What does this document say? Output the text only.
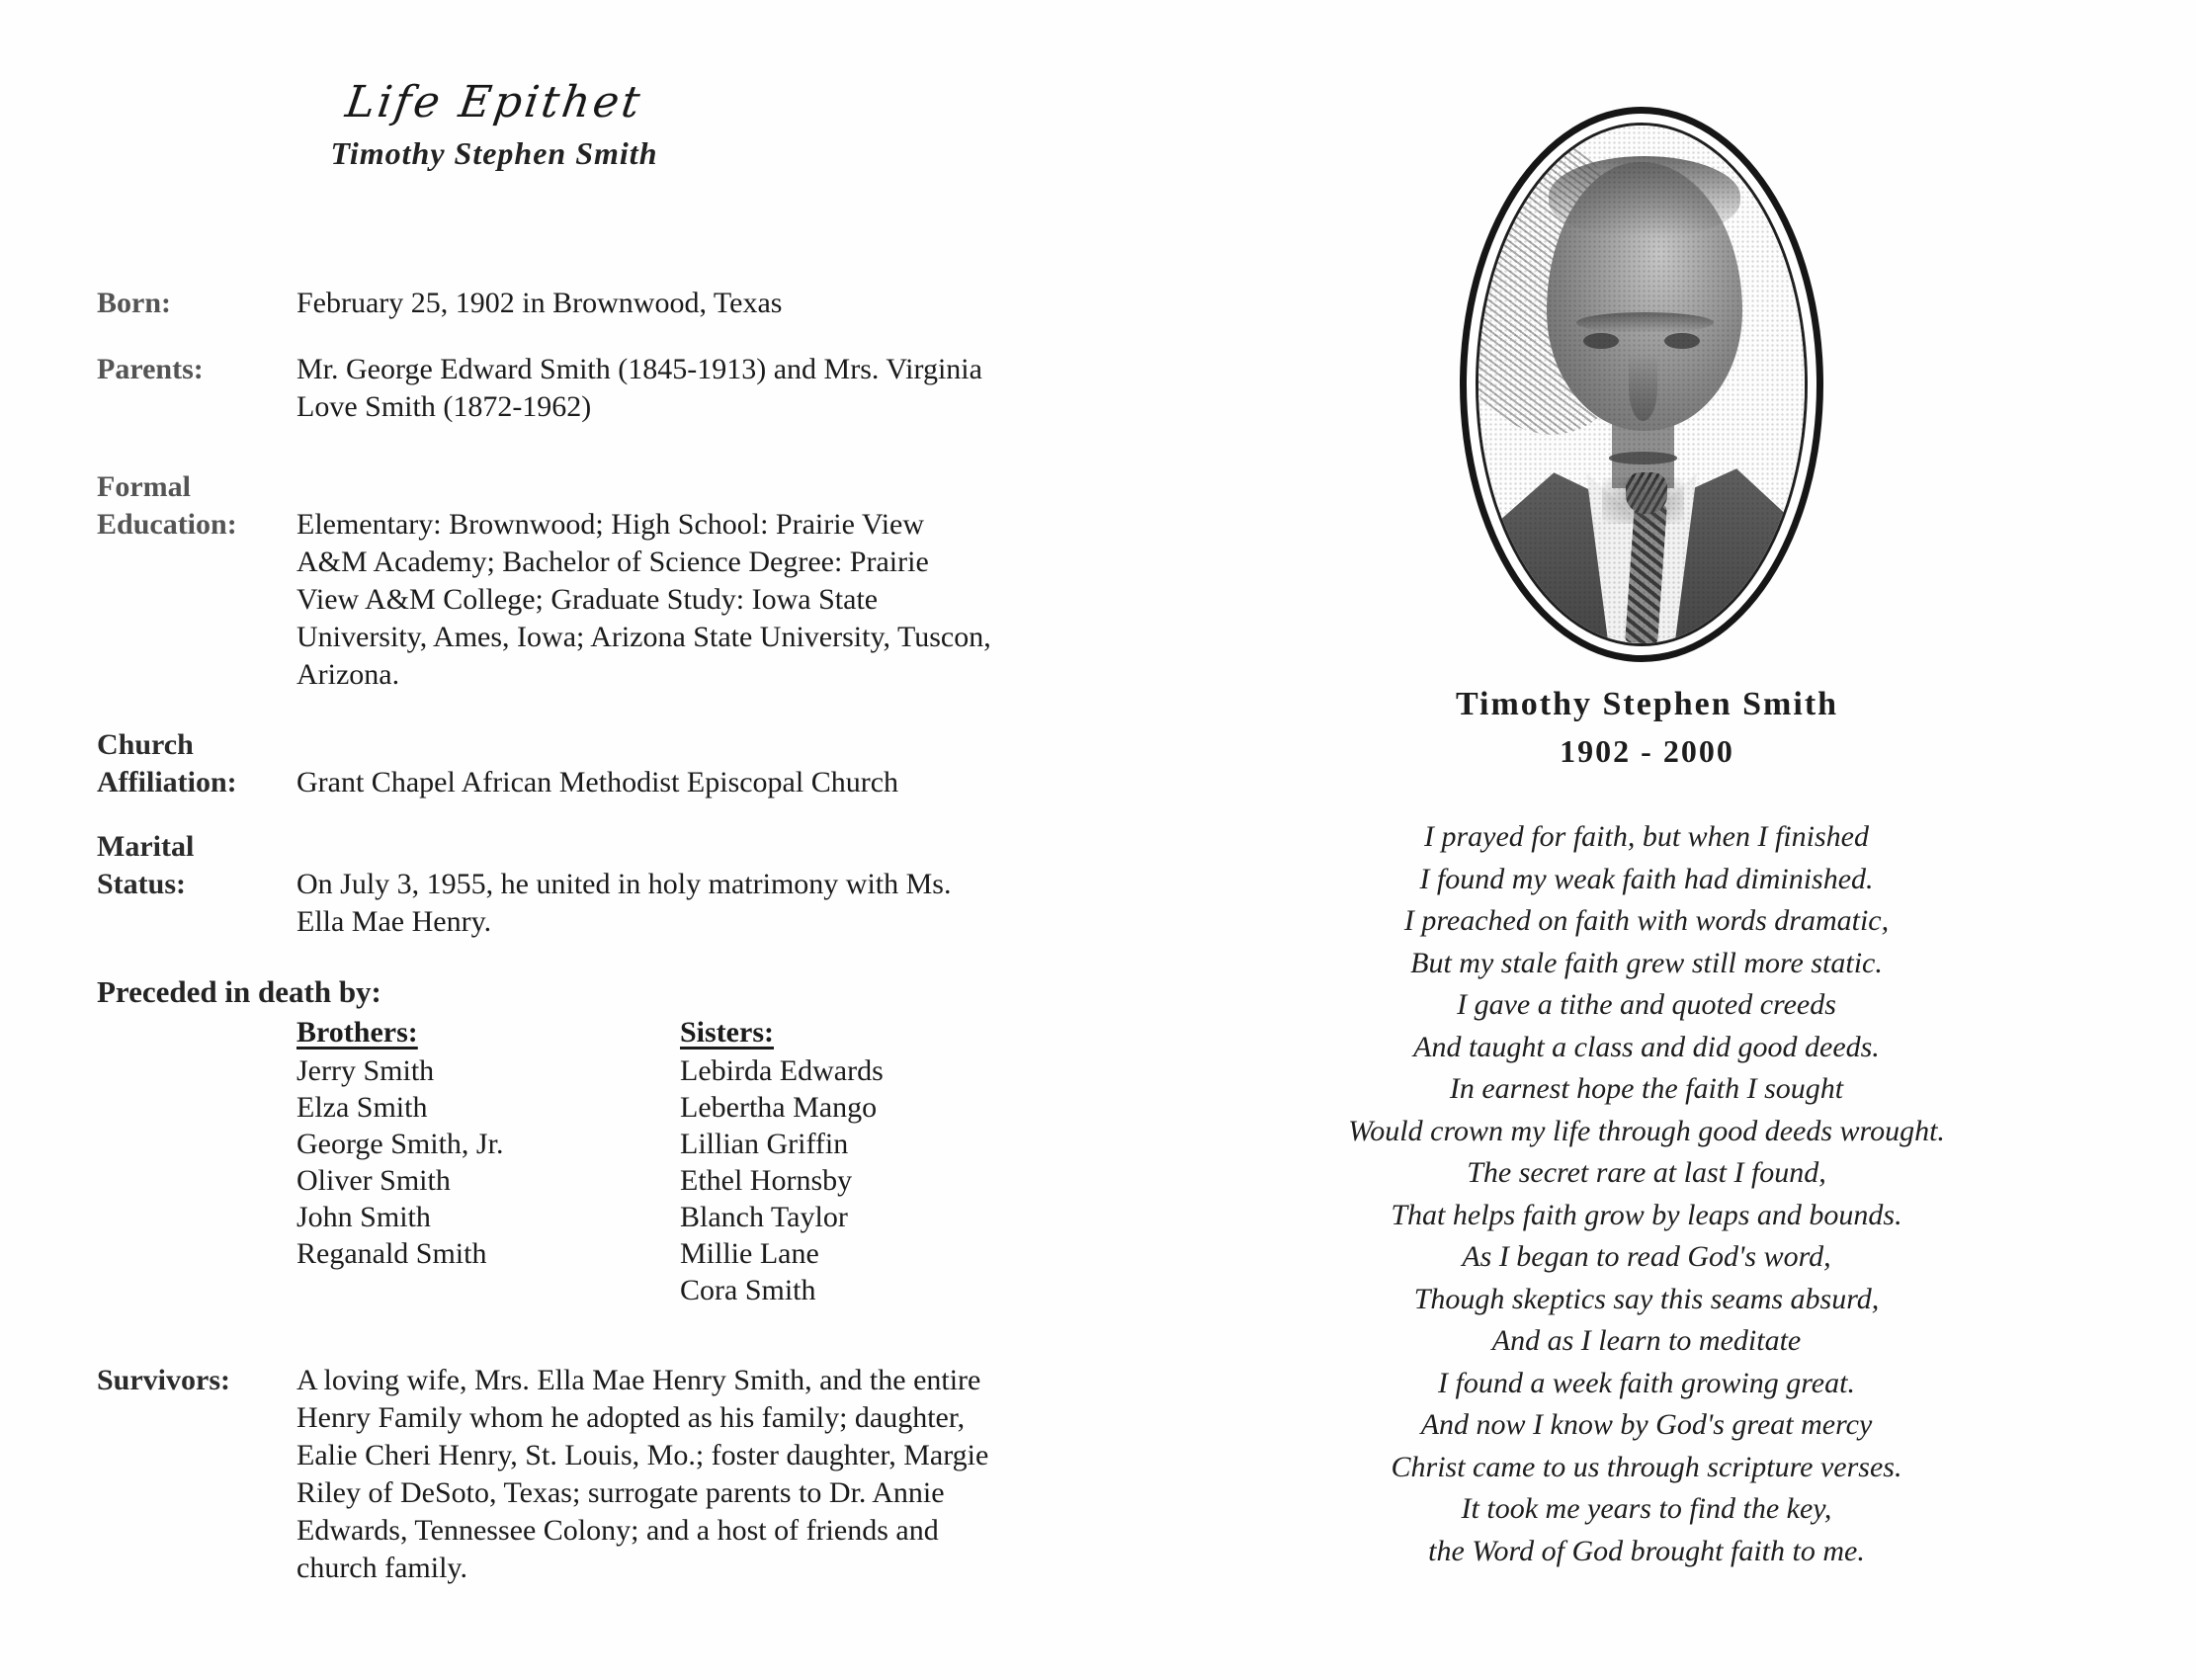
Life Epithet
Timothy Stephen Smith
Born:	February 25, 1902 in Brownwood, Texas
Parents:	Mr. George Edward Smith (1845-1913) and Mrs. Virginia Love Smith (1872-1962)
Formal
Education:	Elementary: Brownwood; High School: Prairie View A&M Academy; Bachelor of Science Degree: Prairie View A&M College; Graduate Study: Iowa State University, Ames, Iowa; Arizona State University, Tuscon, Arizona.
Church
Affiliation:	Grant Chapel African Methodist Episcopal Church
Marital
Status:	On July 3, 1955, he united in holy matrimony with Ms. Ella Mae Henry.
Preceded in death by:
Brothers:
Jerry Smith
Elza Smith
George Smith, Jr.
Oliver Smith
John Smith
Reganald Smith
Sisters:
Lebirda Edwards
Lebertha Mango
Lillian Griffin
Ethel Hornsby
Blanch Taylor
Millie Lane
Cora Smith
Survivors:	A loving wife, Mrs. Ella Mae Henry Smith, and the entire Henry Family whom he adopted as his family; daughter, Ealie Cheri Henry, St. Louis, Mo.; foster daughter, Margie Riley of DeSoto, Texas; surrogate parents to Dr. Annie Edwards, Tennessee Colony; and a host of friends and church family.
Timothy Stephen Smith
1902 - 2000
I prayed for faith, but when I finished
I found my weak faith had diminished.
I preached on faith with words dramatic,
But my stale faith grew still more static.
I gave a tithe and quoted creeds
And taught a class and did good deeds.
In earnest hope the faith I sought
Would crown my life through good deeds wrought.
The secret rare at last I found,
That helps faith grow by leaps and bounds.
As I began to read God's word,
Though skeptics say this seams absurd,
And as I learn to meditate
I found a week faith growing great.
And now I know by God's great mercy
Christ came to us through scripture verses.
It took me years to find the key,
the Word of God brought faith to me.
